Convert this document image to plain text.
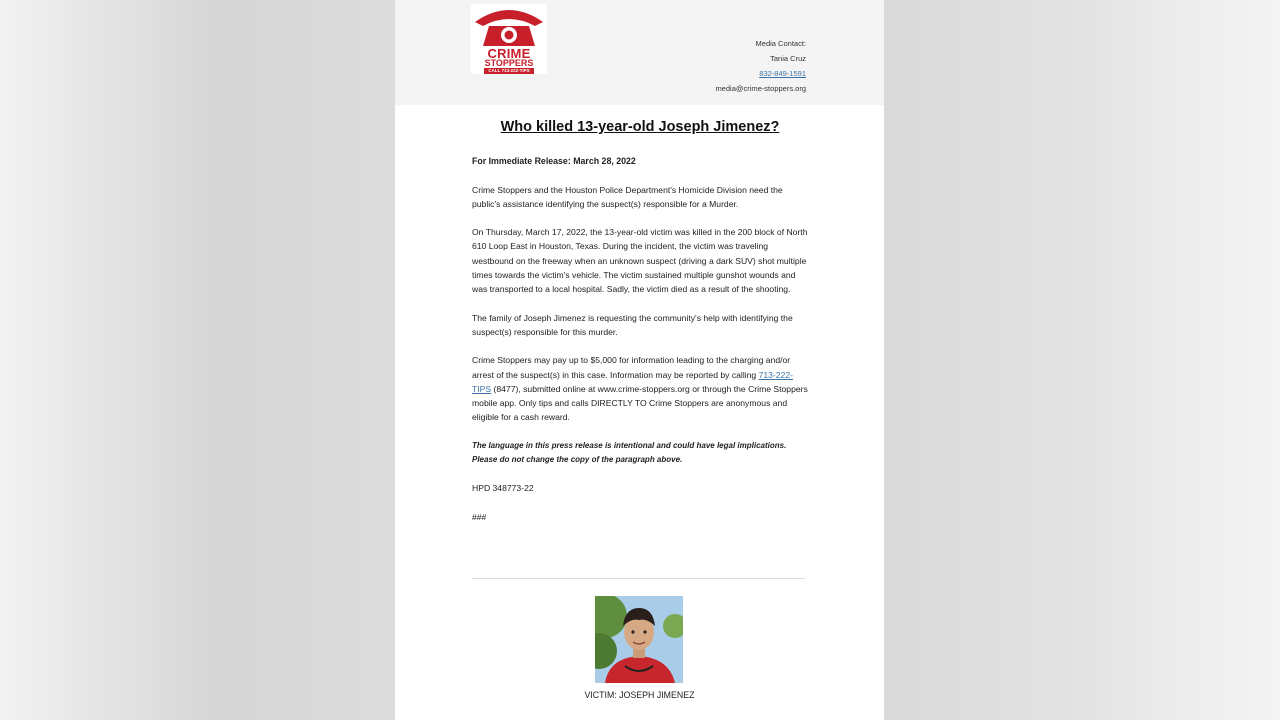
CRIME
STOPPERS
CALL 713-222-TIPS
Media Contact:
Tania Cruz
832-849-1591
media@crime-stoppers.org
Who killed 13-year-old Joseph Jimenez?
For Immediate Release: March 28, 2022

Crime Stoppers and the Houston Police Department's Homicide Division need the public's assistance identifying the suspect(s) responsible for a Murder.

On Thursday, March 17, 2022, the 13-year-old victim was killed in the 200 block of North 610 Loop East in Houston, Texas. During the incident, the victim was traveling westbound on the freeway when an unknown suspect (driving a dark SUV) shot multiple times towards the victim's vehicle. The victim sustained multiple gunshot wounds and was transported to a local hospital. Sadly, the victim died as a result of the shooting.

The family of Joseph Jimenez is requesting the community's help with identifying the suspect(s) responsible for this murder.

Crime Stoppers may pay up to $5,000 for information leading to the charging and/or arrest of the suspect(s) in this case. Information may be reported by calling 713-222-TIPS (8477), submitted online at www.crime-stoppers.org or through the Crime Stoppers mobile app. Only tips and calls DIRECTLY TO Crime Stoppers are anonymous and eligible for a cash reward.

The language in this press release is intentional and could have legal implications. Please do not change the copy of the paragraph above.

HPD 348773-22

###

VICTIM: JOSEPH JIMENEZ
